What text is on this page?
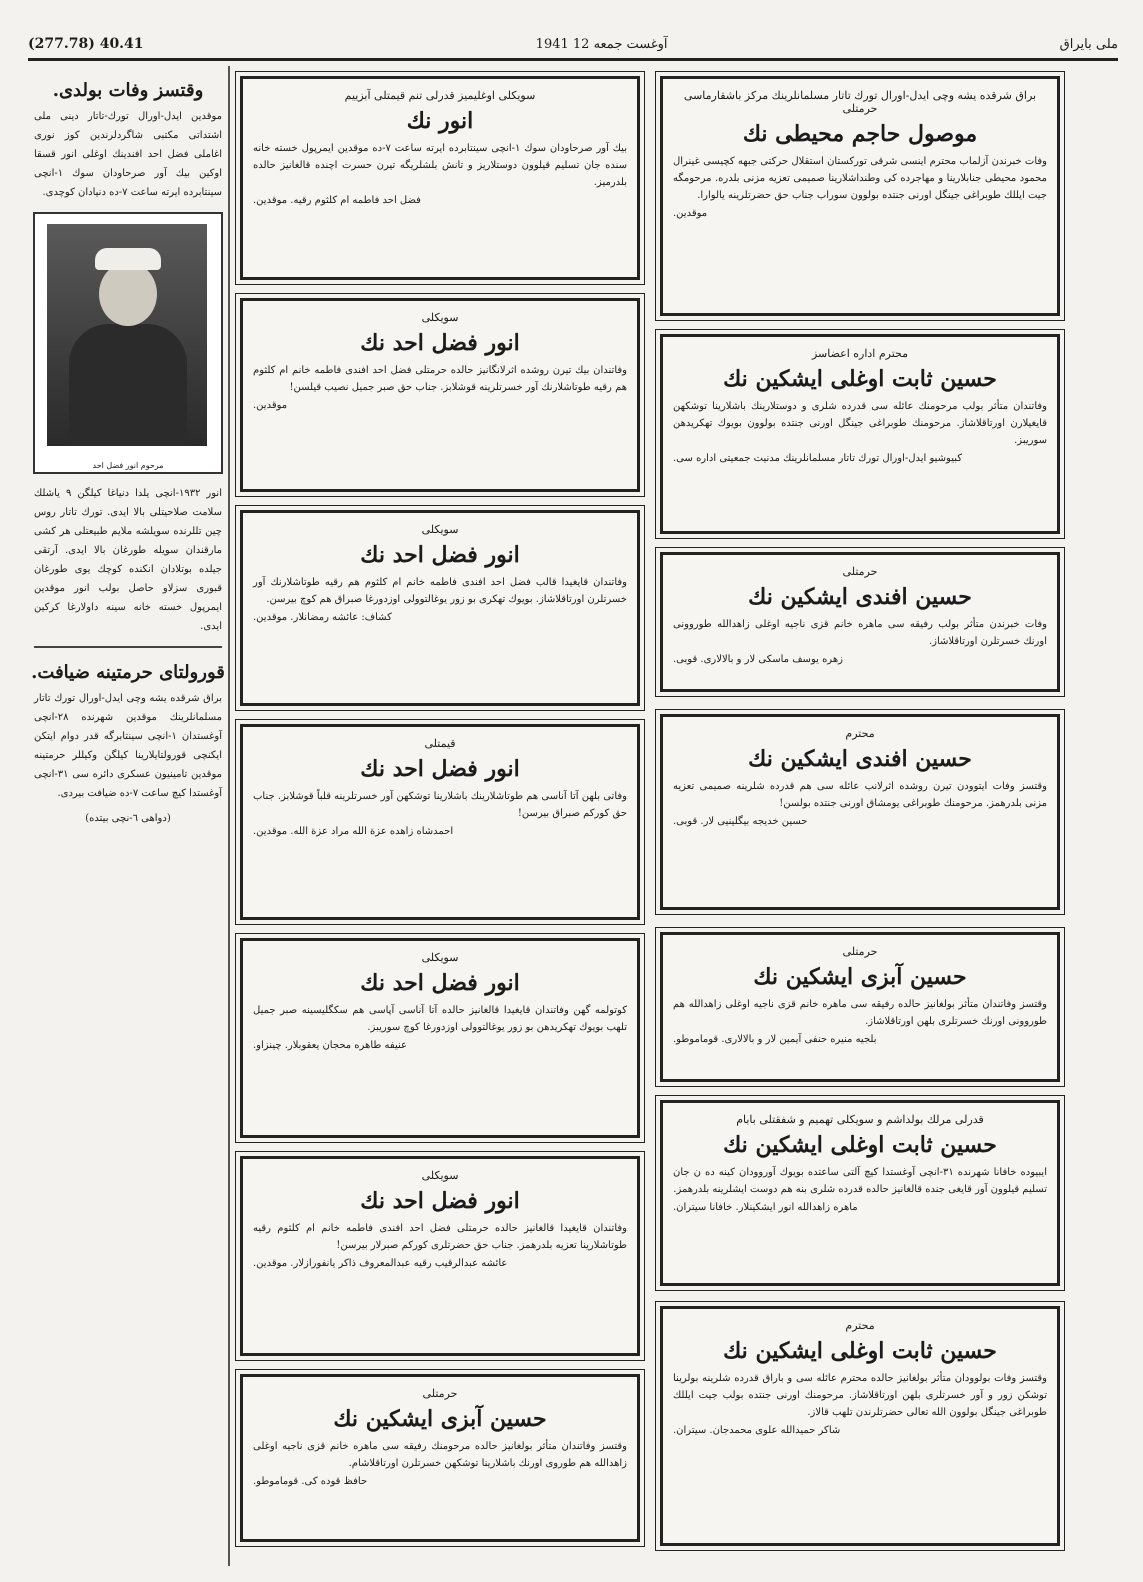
(277.78) 40.41	1941 12 آوغست جمعه	ملى بايراق
وقتسز وفات بولدى.
موقدين ايدل-اورال تورك-تاتار دينى ملى اشتداتى مكتبى شاگردلرندين كوز نورى اغاملى فضل احد افندينك اوغلى انور قسقا اوكين بيك آور صرحاودان سوك ١-انچى سينتابرده ايرته ساعت ٧-ده دنيادان كوچدى.
مرحوم انور فضل احد
انور ١٩٣٢-انچى يلدا دنياغا كيلگن ٩ ياشلك سلامت صلاحيتلى بالا ايدى. تورك تاتار روس چين تللرنده سويلشه ملايم طبيعتلى هر كشى مارقندان سويله طورغان بالا ايدى. آرتقى جيلده بوتلادان انكنده كوچك يوى طورغان قبورى سزلاو حاصل بولب انور موقدين ايمرپول خسته خانه سينه داولارغا كركين ايدى.
قورولتاى حرمتينه ضيافت.
براق شرقده يشه وچى ايدل-اورال تورك تاتار مسلمانلرينك موقدين شهرنده ٢٨-انچى آوغستدان ١-انچى سينتابرگه قدر دوام ايتكن ايكنچى قورولتايلارينا كيلگن وكيللر حرمتينه موقدين تامينيون عسكرى دائره سى ٣١-انچى آوغستدا كيچ ساعت ٧-ده ضيافت بيردى.
(دواهى ٦-نچى بيتده)
سويكلى اوغليميز قدرلى تنم قيمتلى آبزييم
انور نك
بيك آور صرحاودان سوك ١-انچى سينتابرده ايرته ساعت ٧-ده موقدين ايمرپول خسته خانه سنده جان تسليم قيلوون دوستلاريز و تانش بلشلريگه تيرن حسرت اچنده قالغانيز حالده بلدرميز.
فضل احد فاطمه ام كلثوم رقيه. موقدين.
سويكلى
انور فضل احد نك
وفاتندان بيك تيرن روشده اثرلانگانيز حالده حرمتلى فضل احد افندى فاطمه خانم ام كلثوم هم رقيه طوتاشلارنك آور خسرتلرينه قوشلابز. جناب حق صبر جميل نصيب قيلسن!
موقدين.
سويكلى
انور فضل احد نك
وفاتندان قايغيدا قالب فضل احد افندى فاطمه خانم ام كلثوم هم رقيه طوتاشلارنك آور خسرتلرن اورتاقلاشاز. بويوك تهكرى بو زور يوغالتوولى اوزدورغا صبراق هم كوچ بيرسن.
كشاف: عائشه رمضانلار. موقدين.
قيمتلى
انور فضل احد نك
وفاتى بلهن آتا آناسى هم طوتاشلارينك باشلارينا توشكهن آور خسرتلرينه قلباً قوشلابز. جناب حق كوركم صبراق بيرسن!
احمدشاه زاهده عزة الله مراد عزة الله. موقدين.
سويكلى
انور فضل احد نك
كوتولمه گهن وفاتندان قايغيدا قالغانيز حالده آتا آناسى آپاسى هم سكگليسينه صبر جميل تلهب بويوك تهكريدهن بو زور يوغالتوولى اوزدورغا كوچ سوريبز.
عنيفه طاهره محجان يعقوبلار. چينزاو.
سويكلى
انور فضل احد نك
وفاتندان قايغيدا قالغانيز حالده حرمتلى فضل احد افندى فاطمه خانم ام كلثوم رقيه طوتاشلارينا تعزيه بلدرهمز. جناب حق حضرتلرى كوركم صبرلار بيرسن!
عائشه عبدالرقيب رقيه عبدالمعروف ذاكر يانفورازلار. موقدين.
حرمتلى
حسين آبزى ايشكين نك
وقتسز وفاتندان متأثر بولغانيز حالده مرحومنك رفيقه سى ماهره خانم قزى ناجيه اوغلى زاهدالله هم طوروى اورنك باشلارينا توشكهن خسرتلرن اورتاقلاشام.
حافظ قوده كى. قوماموطو.
براق شرقده يشه وچى ايدل-اورال تورك تاتار مسلمانلرينك مركز باشقارماسى حرمتلى
موصول حاجم محيطى نك
وفات خبرندن آزلماب محترم اينسى شرقى توركستان استقلال حركتى جبهه كچيسى غينرال محمود محيطى جنابلارينا و مهاجرده كى وطنداشلارينا صميمى تعزيه مزنى بلدره. مرحومگه جيت ايللك طوبراغى جينگل اورنى جنتده بولوون سوراب جناب حق حضرتلرينه يالوارا.
موقدين.
محترم اداره اعضاسز
حسين ثابت اوغلى ايشكين نك
وفاتندان متأثر بولب مرحومنك عائله سى قدرده شلرى و دوستلارينك باشلارينا توشكهن قايغيلارن اورتاقلاشاز. مرحومنك طوبراغى جينگل اورنى جنتده بولوون بويوك تهكريدهن سوريبز.
كبيوشيو ايدل-اورال تورك تاتار مسلمانلرينك مدنيت جمعيتى اداره سى.
حرمتلى
حسين افندى ايشكين نك
وفات خبرندن متأثر بولب رفيقه سى ماهره خانم قزى ناجيه اوغلى زاهدالله طوروونى اورنك خسرتلرن اورتاقلاشاز.
زهره يوسف ماسكى لار و بالالارى. قوبى.
محترم
حسين افندى ايشكين نك
وقتسز وفات ايتوودن تيرن روشده اثرلانب عائله سى هم قدرده شلرينه صميمى تعزيه مزنى بلدرهمز. مرحومنك طوبراغى يومشاق اورنى جنتده بولسن!
حسين خديجه بيگلينيى لار. قوبى.
حرمتلى
حسين آبزى ايشكين نك
وقتسز وفاتندان متأثر بولغانيز حالده رفيقه سى ماهره خانم قزى ناجيه اوغلى زاهدالله هم طوروونى اورنك خسرتلرى بلهن اورتاقلاشاز.
بلجيه منيره حنفى آيمين لار و بالالارى. قوماموطو.
قدرلى مرلك بولداشم و سويكلى تهميم و شفقتلى بابام
حسين ثابت اوغلى ايشكين نك
ايبيوده خافانا شهرنده ٣١-انچى آوغستدا كيچ آلتى ساعتده بويوك آوروودان كينه ده ن جان تسليم قيلوون آور قايغى جنده قالغانيز حالده قدرده شلرى بنه هم دوست ايشلرينه بلدرهمز.
ماهره زاهدالله انور ايشكينلار. خافانا سيتران.
محترم
حسين ثابت اوغلى ايشكين نك
وقتسز وفات بولوودان متأثر بولغانيز حالده محترم عائله سى و باراق قدرده شلرينه بولرينا توشكن زور و آور خسرتلرى بلهن اورتاقلاشاز. مرحومنك اورنى جنتده بولب جيت ايللك طوبراغى جينگل بولوون الله تعالى حضرتلرندن تلهب قالاز.
شاكر حميدالله علوى محمدجان. سيتران.
